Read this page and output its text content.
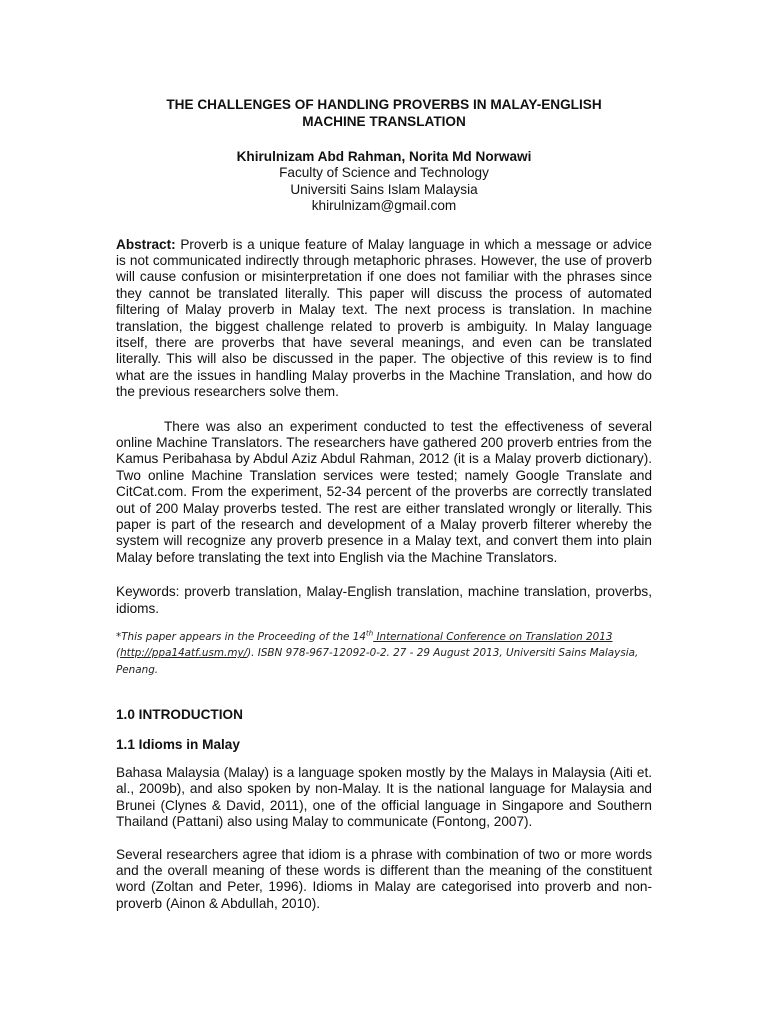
THE CHALLENGES OF HANDLING PROVERBS IN MALAY-ENGLISH
MACHINE TRANSLATION
Khirulnizam Abd Rahman, Norita Md Norwawi
Faculty of Science and Technology
Universiti Sains Islam Malaysia
khirulnizam@gmail.com

Abstract: Proverb is a unique feature of Malay language in which a message or advice is not communicated indirectly through metaphoric phrases. However, the use of proverb will cause confusion or misinterpretation if one does not familiar with the phrases since they cannot be translated literally. This paper will discuss the process of automated filtering of Malay proverb in Malay text. The next process is translation. In machine translation, the biggest challenge related to proverb is ambiguity. In Malay language itself, there are proverbs that have several meanings, and even can be translated literally. This will also be discussed in the paper. The objective of this review is to find what are the issues in handling Malay proverbs in the Machine Translation, and how do the previous researchers solve them.

There was also an experiment conducted to test the effectiveness of several online Machine Translators. The researchers have gathered 200 proverb entries from the Kamus Peribahasa by Abdul Aziz Abdul Rahman, 2012 (it is a Malay proverb dictionary). Two online Machine Translation services were tested; namely Google Translate and CitCat.com. From the experiment, 52-34 percent of the proverbs are correctly translated out of 200 Malay proverbs tested. The rest are either translated wrongly or literally. This paper is part of the research and development of a Malay proverb filterer whereby the system will recognize any proverb presence in a Malay text, and convert them into plain Malay before translating the text into English via the Machine Translators.

Keywords: proverb translation, Malay-English translation, machine translation, proverbs, idioms.

*This paper appears in the Proceeding of the 14th International Conference on Translation 2013 (http://ppa14atf.usm.my/). ISBN 978-967-12092-0-2. 27 - 29 August 2013, Universiti Sains Malaysia, Penang.
1.0 INTRODUCTION
1.1 Idioms in Malay

Bahasa Malaysia (Malay) is a language spoken mostly by the Malays in Malaysia (Aiti et. al., 2009b), and also spoken by non-Malay. It is the national language for Malaysia and Brunei (Clynes & David, 2011), one of the official language in Singapore and Southern Thailand (Pattani) also using Malay to communicate (Fontong, 2007).

Several researchers agree that idiom is a phrase with combination of two or more words and the overall meaning of these words is different than the meaning of the constituent word (Zoltan and Peter, 1996). Idioms in Malay are categorised into proverb and non-proverb (Ainon & Abdullah, 2010).
